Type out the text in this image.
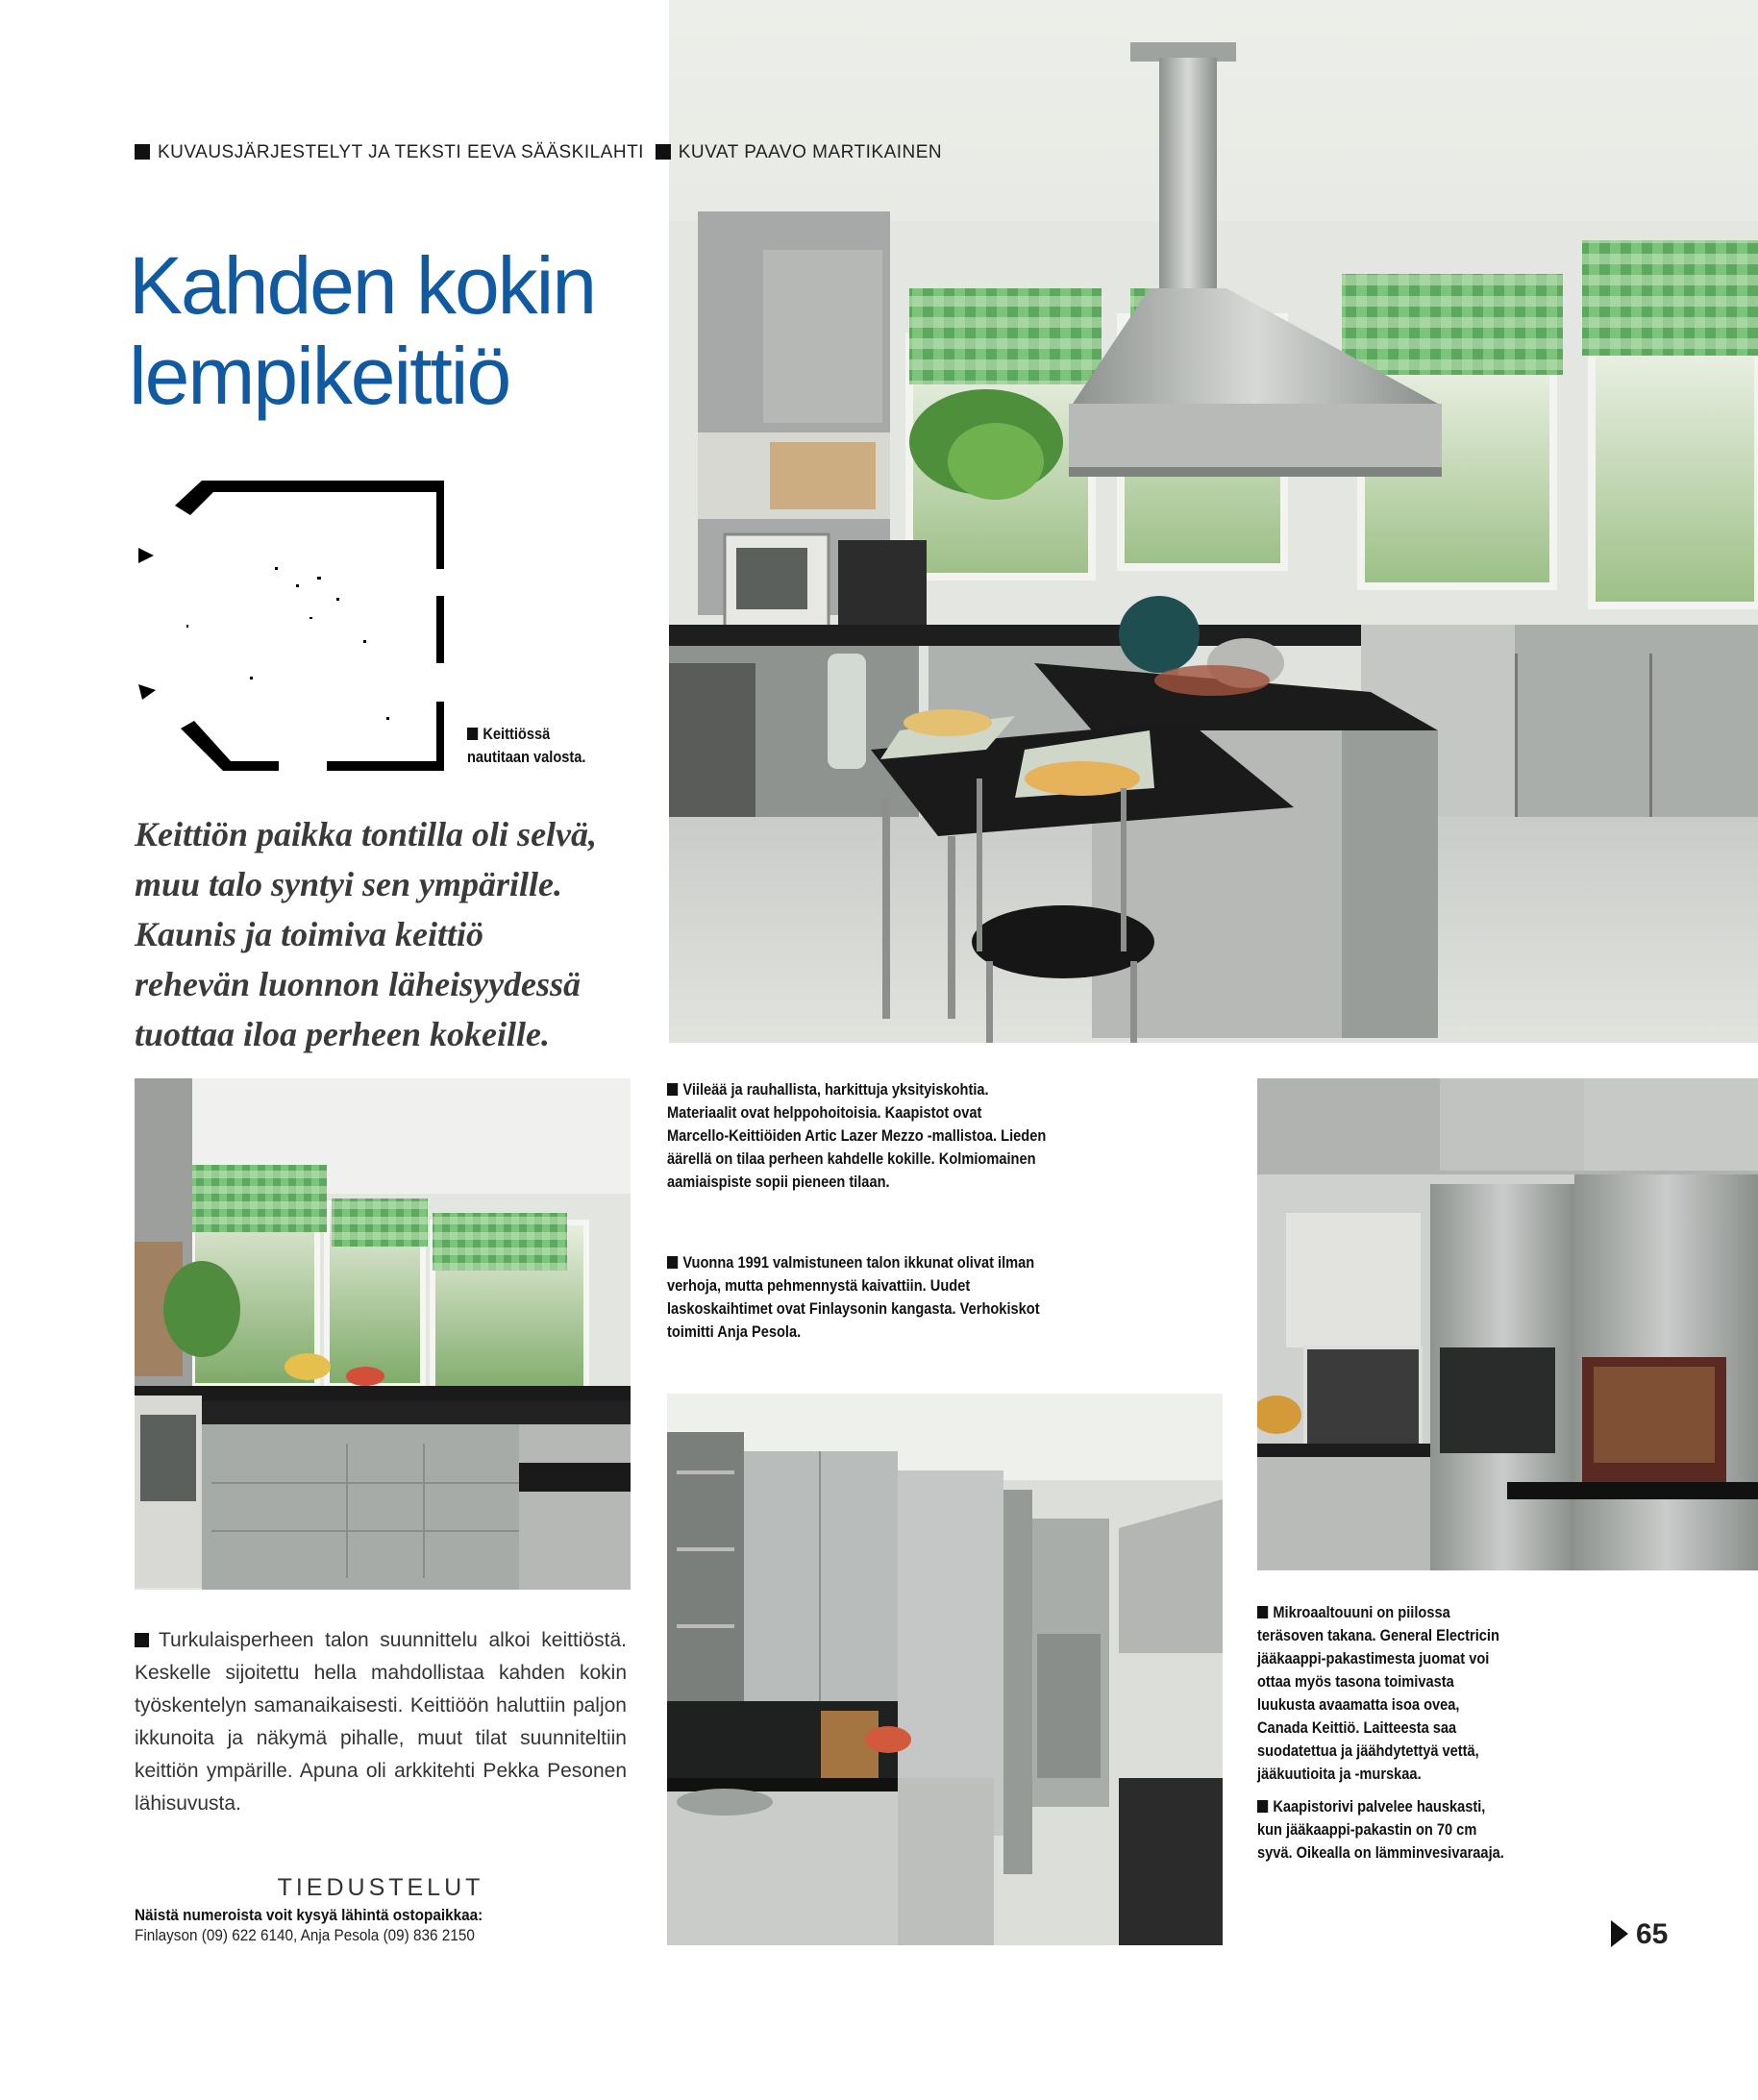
KUVAUSJÄRJESTELYT JA TEKSTI EEVA SÄÄSKILAHTI KUVAT PAAVO MARTIKAINEN
Kahden kokin
lempikeittiö
Keittiössä
nautitaan valosta.
Keittiön paikka tontilla oli selvä,
muu talo syntyi sen ympärille.
Kaunis ja toimiva keittiö
rehevän luonnon läheisyydessä
tuottaa iloa perheen kokeille.
Viileää ja rauhallista, harkittuja yksityiskohtia.
Materiaalit ovat helppohoitoisia. Kaapistot ovat
Marcello-Keittiöiden Artic Lazer Mezzo -mallistoa. Lieden
äärellä on tilaa perheen kahdelle kokille. Kolmiomainen
aamiaispiste sopii pieneen tilaan.
Vuonna 1991 valmistuneen talon ikkunat olivat ilman
verhoja, mutta pehmennystä kaivattiin. Uudet
laskoskaihtimet ovat Finlaysonin kangasta. Verhokiskot
toimitti Anja Pesola.
Mikroaaltouuni on piilossa
teräsoven takana. General Electricin
jääkaappi-pakastimesta juomat voi
ottaa myös tasona toimivasta
luukusta avaamatta isoa ovea,
Canada Keittiö. Laitteesta saa
suodatettua ja jäähdytettyä vettä,
jääkuutioita ja -murskaa.
Kaapistorivi palvelee hauskasti,
kun jääkaappi-pakastin on 70 cm
syvä. Oikealla on lämminvesivaraaja.
Turkulaisperheen talon suunnittelu alkoi keittiöstä. Keskelle sijoitettu hella mahdollistaa kahden kokin työskentelyn samanaikaisesti. Keittiöön haluttiin paljon ikkunoita ja näkymä pihalle, muut tilat suunniteltiin keittiön ympärille. Apuna oli arkkitehti Pekka Pesonen lähisuvusta.
TIEDUSTELUT
Näistä numeroista voit kysyä lähintä ostopaikkaa:
Finlayson (09) 622 6140, Anja Pesola (09) 836 2150	65
